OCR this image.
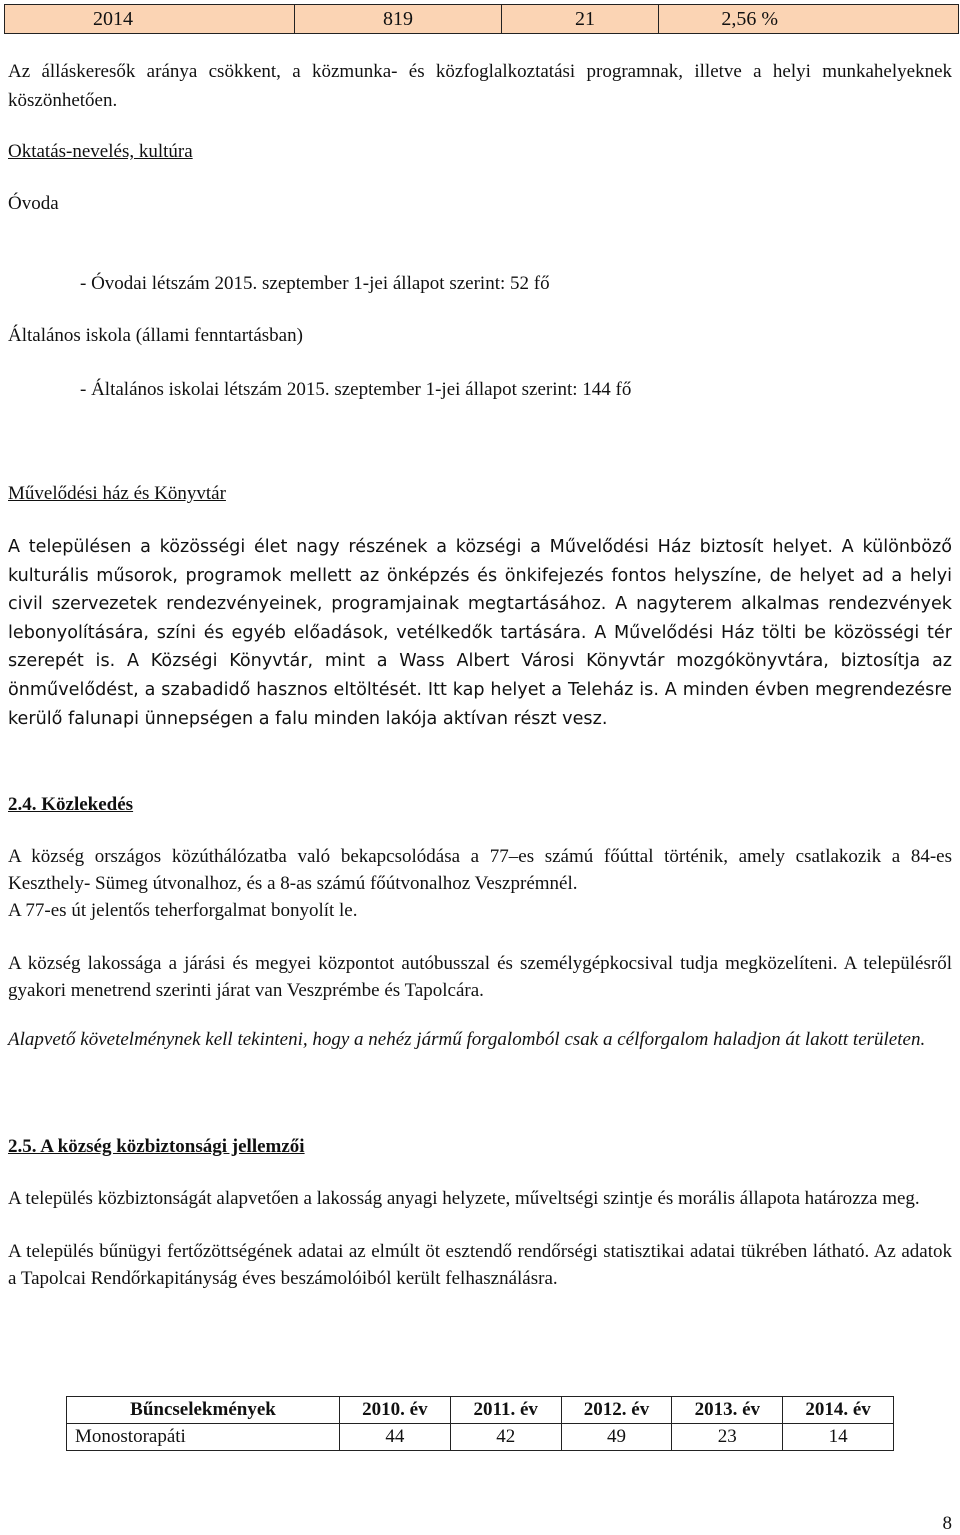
2014	819	21	2,56 %

Az álláskeresők aránya csökkent, a közmunka- és közfoglalkoztatási programnak, illetve a helyi munkahelyeknek köszönhetően.

Oktatás-nevelés, kultúra

Óvoda

- Óvodai létszám 2015. szeptember 1-jei állapot szerint: 52 fő

Általános iskola (állami fenntartásban)

- Általános iskolai létszám 2015. szeptember 1-jei állapot szerint: 144 fő

Művelődési ház és Könyvtár

A településen a közösségi élet nagy részének a községi a Művelődési Ház biztosít helyet. A különböző kulturális műsorok, programok mellett az önképzés és önkifejezés fontos helyszíne, de helyet ad a helyi civil szervezetek rendezvényeinek, programjainak megtartásához. A nagyterem alkalmas rendezvények lebonyolítására, színi és egyéb előadások, vetélkedők tartására. A Művelődési Ház tölti be közösségi tér szerepét is. A Községi Könyvtár, mint a Wass Albert Városi Könyvtár mozgókönyvtára, biztosítja az önművelődést, a szabadidő hasznos eltöltését. Itt kap helyet a Teleház is. A minden évben megrendezésre kerülő falunapi ünnepségen a falu minden lakója aktívan részt vesz.

2.4. Közlekedés

A község országos közúthálózatba való bekapcsolódása a 77–es számú főúttal történik, amely csatlakozik a 84-es Keszthely- Sümeg útvonalhoz, és a 8-as számú főútvonalhoz Veszprémnél.

A 77-es út jelentős teherforgalmat bonyolít le.

A község lakossága a járási és megyei központot autóbusszal és személygépkocsival tudja megközelíteni. A településről gyakori menetrend szerinti járat van Veszprémbe és Tapolcára.

Alapvető követelménynek kell tekinteni, hogy a nehéz jármű forgalomból csak a célforgalom haladjon át lakott területen.

2.5. A község közbiztonsági jellemzői

A település közbiztonságát alapvetően a lakosság anyagi helyzete, műveltségi szintje és morális állapota határozza meg.

A település bűnügyi fertőzöttségének adatai az elmúlt öt esztendő rendőrségi statisztikai adatai tükrében látható. Az adatok a Tapolcai Rendőrkapitányság éves beszámolóiból került felhasználásra.

Bűncselekmények	2010. év	2011. év	2012. év	2013. év	2014. év
Monostorapáti	44	42	49	23	14
8
